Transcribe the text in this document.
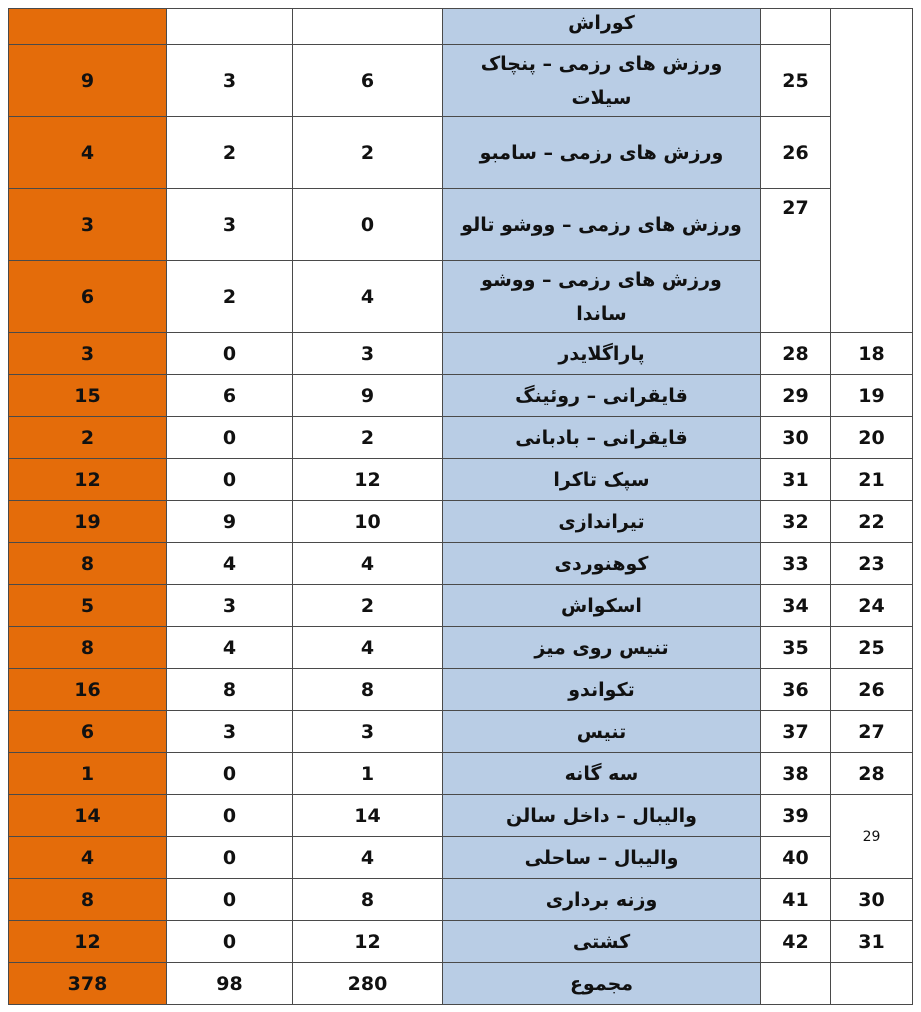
			کوراش		
9	3	6	ورزش های رزمی – پنچاک سیلات	25	
4	2	2	ورزش های رزمی – سامبو	26	
3	3	0	ورزش های رزمی – ووشو تالو	27	
6	2	4	ورزش های رزمی – ووشو ساندا		
3	0	3	پاراگلایدر	28	18
15	6	9	قایقرانی – روئینگ	29	19
2	0	2	قایقرانی – بادبانی	30	20
12	0	12	سپک تاکرا	31	21
19	9	10	تیراندازی	32	22
8	4	4	کوهنوردی	33	23
5	3	2	اسکواش	34	24
8	4	4	تنیس روی میز	35	25
16	8	8	تکواندو	36	26
6	3	3	تنیس	37	27
1	0	1	سه گانه	38	28
14	0	14	والیبال – داخل سالن	39	29
4	0	4	والیبال – ساحلی	40	
8	0	8	وزنه برداری	41	30
12	0	12	کشتی	42	31
378	98	280	مجموع		
